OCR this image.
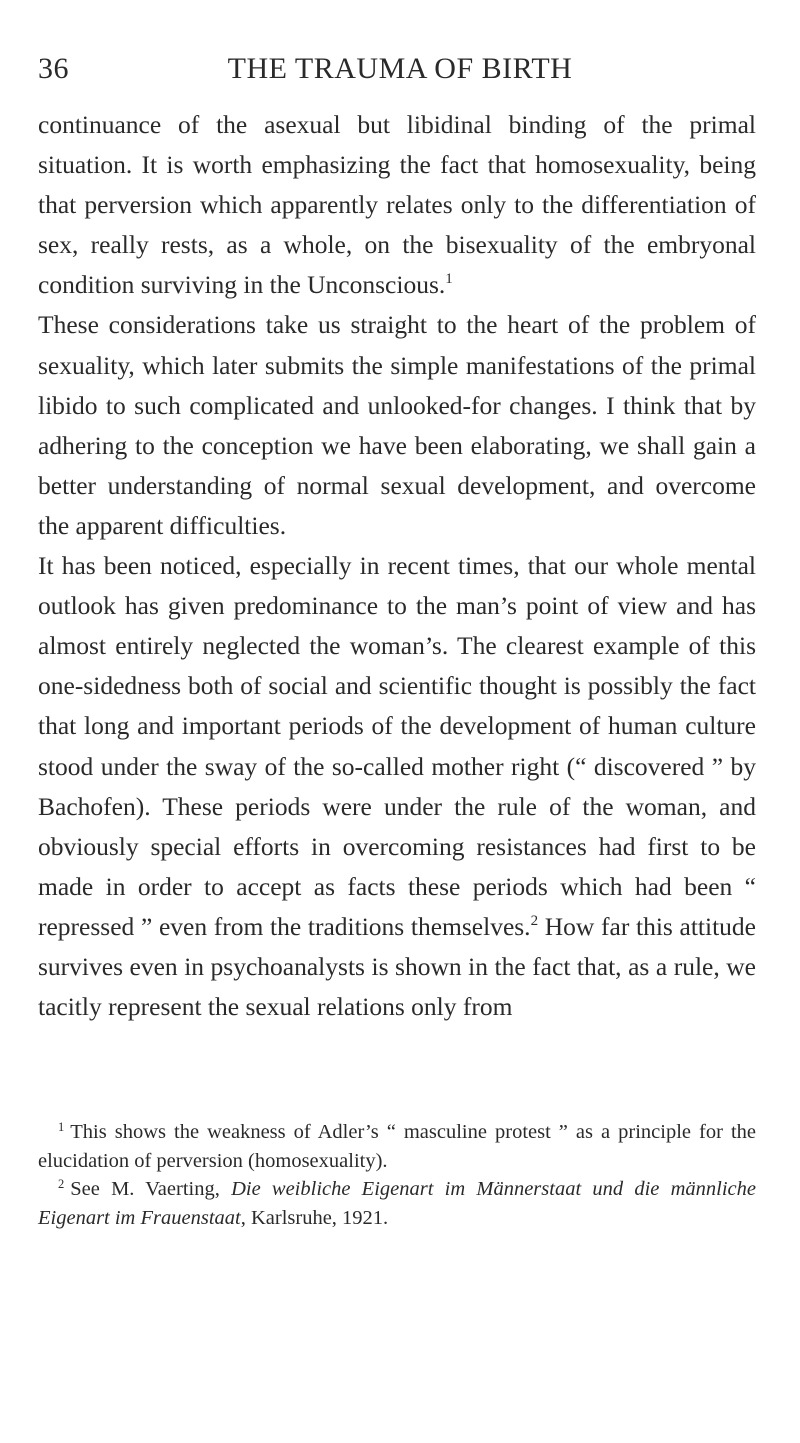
36	THE TRAUMA OF BIRTH

continuance of the asexual but libidinal binding of the primal situation. It is worth emphasizing the fact that homosexuality, being that perversion which apparently relates only to the differentiation of sex, really rests, as a whole, on the bisexuality of the embryonal condition surviving in the Unconscious.$^1$

These considerations take us straight to the heart of the problem of sexuality, which later submits the simple manifestations of the primal libido to such complicated and unlooked-for changes. I think that by adhering to the conception we have been elaborating, we shall gain a better understanding of normal sexual development, and overcome the apparent difficulties.

It has been noticed, especially in recent times, that our whole mental outlook has given predominance to the man’s point of view and has almost entirely neglected the woman’s. The clearest example of this one-sidedness both of social and scientific thought is possibly the fact that long and important periods of the development of human culture stood under the sway of the so-called mother right (“ discovered ” by Bachofen). These periods were under the rule of the woman, and obviously special efforts in overcoming resistances had first to be made in order to accept as facts these periods which had been “ repressed ” even from the traditions themselves.$^2$ How far this attitude survives even in psychoanalysts is shown in the fact that, as a rule, we tacitly represent the sexual relations only from

$^1$ This shows the weakness of Adler’s “ masculine protest ” as a principle for the elucidation of perversion (homosexuality).

$^2$ See M. Vaerting, Die weibliche Eigenart im Männerstaat und die männliche Eigenart im Frauenstaat, Karlsruhe, 1921.
